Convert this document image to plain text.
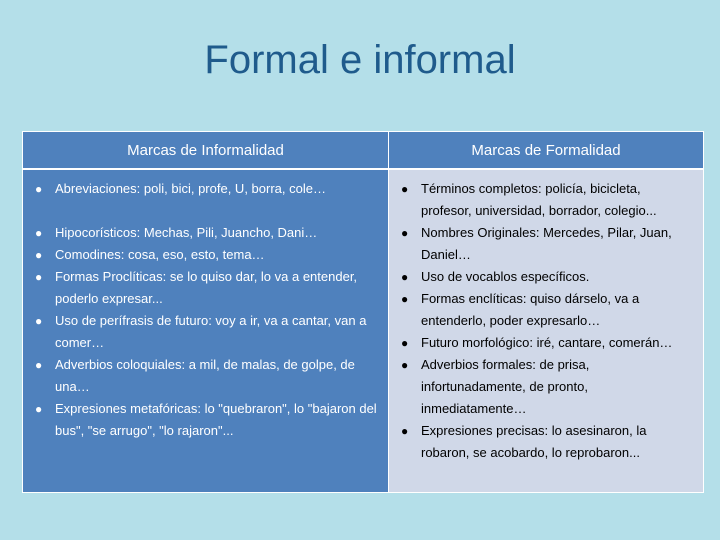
Formal e informal
Marcas de Informalidad	Marcas de Formalidad
● Abreviaciones: poli, bici, profe, U, borra, cole…
● Hipocorísticos: Mechas, Pili, Juancho, Dani…
● Comodines: cosa, eso, esto, tema…
● Formas Proclíticas: se lo quiso dar, lo va a entender, poderlo expresar...
● Uso de perífrasis de futuro: voy a ir, va a cantar, van a comer…
● Adverbios coloquiales: a mil, de malas, de golpe, de una…
● Expresiones metafóricas: lo "quebraron", lo "bajaron del bus", "se arrugo", "lo rajaron"...
● Términos completos: policía, bicicleta, profesor, universidad, borrador, colegio...
● Nombres Originales: Mercedes, Pilar, Juan, Daniel…
● Uso de vocablos específicos.
● Formas enclíticas: quiso dárselo, va a entenderlo, poder expresarlo…
● Futuro morfológico: iré, cantare, comerán…
● Adverbios formales: de prisa, infortunadamente, de pronto, inmediatamente…
● Expresiones precisas: lo asesinaron, la robaron, se acobardo, lo reprobaron...
